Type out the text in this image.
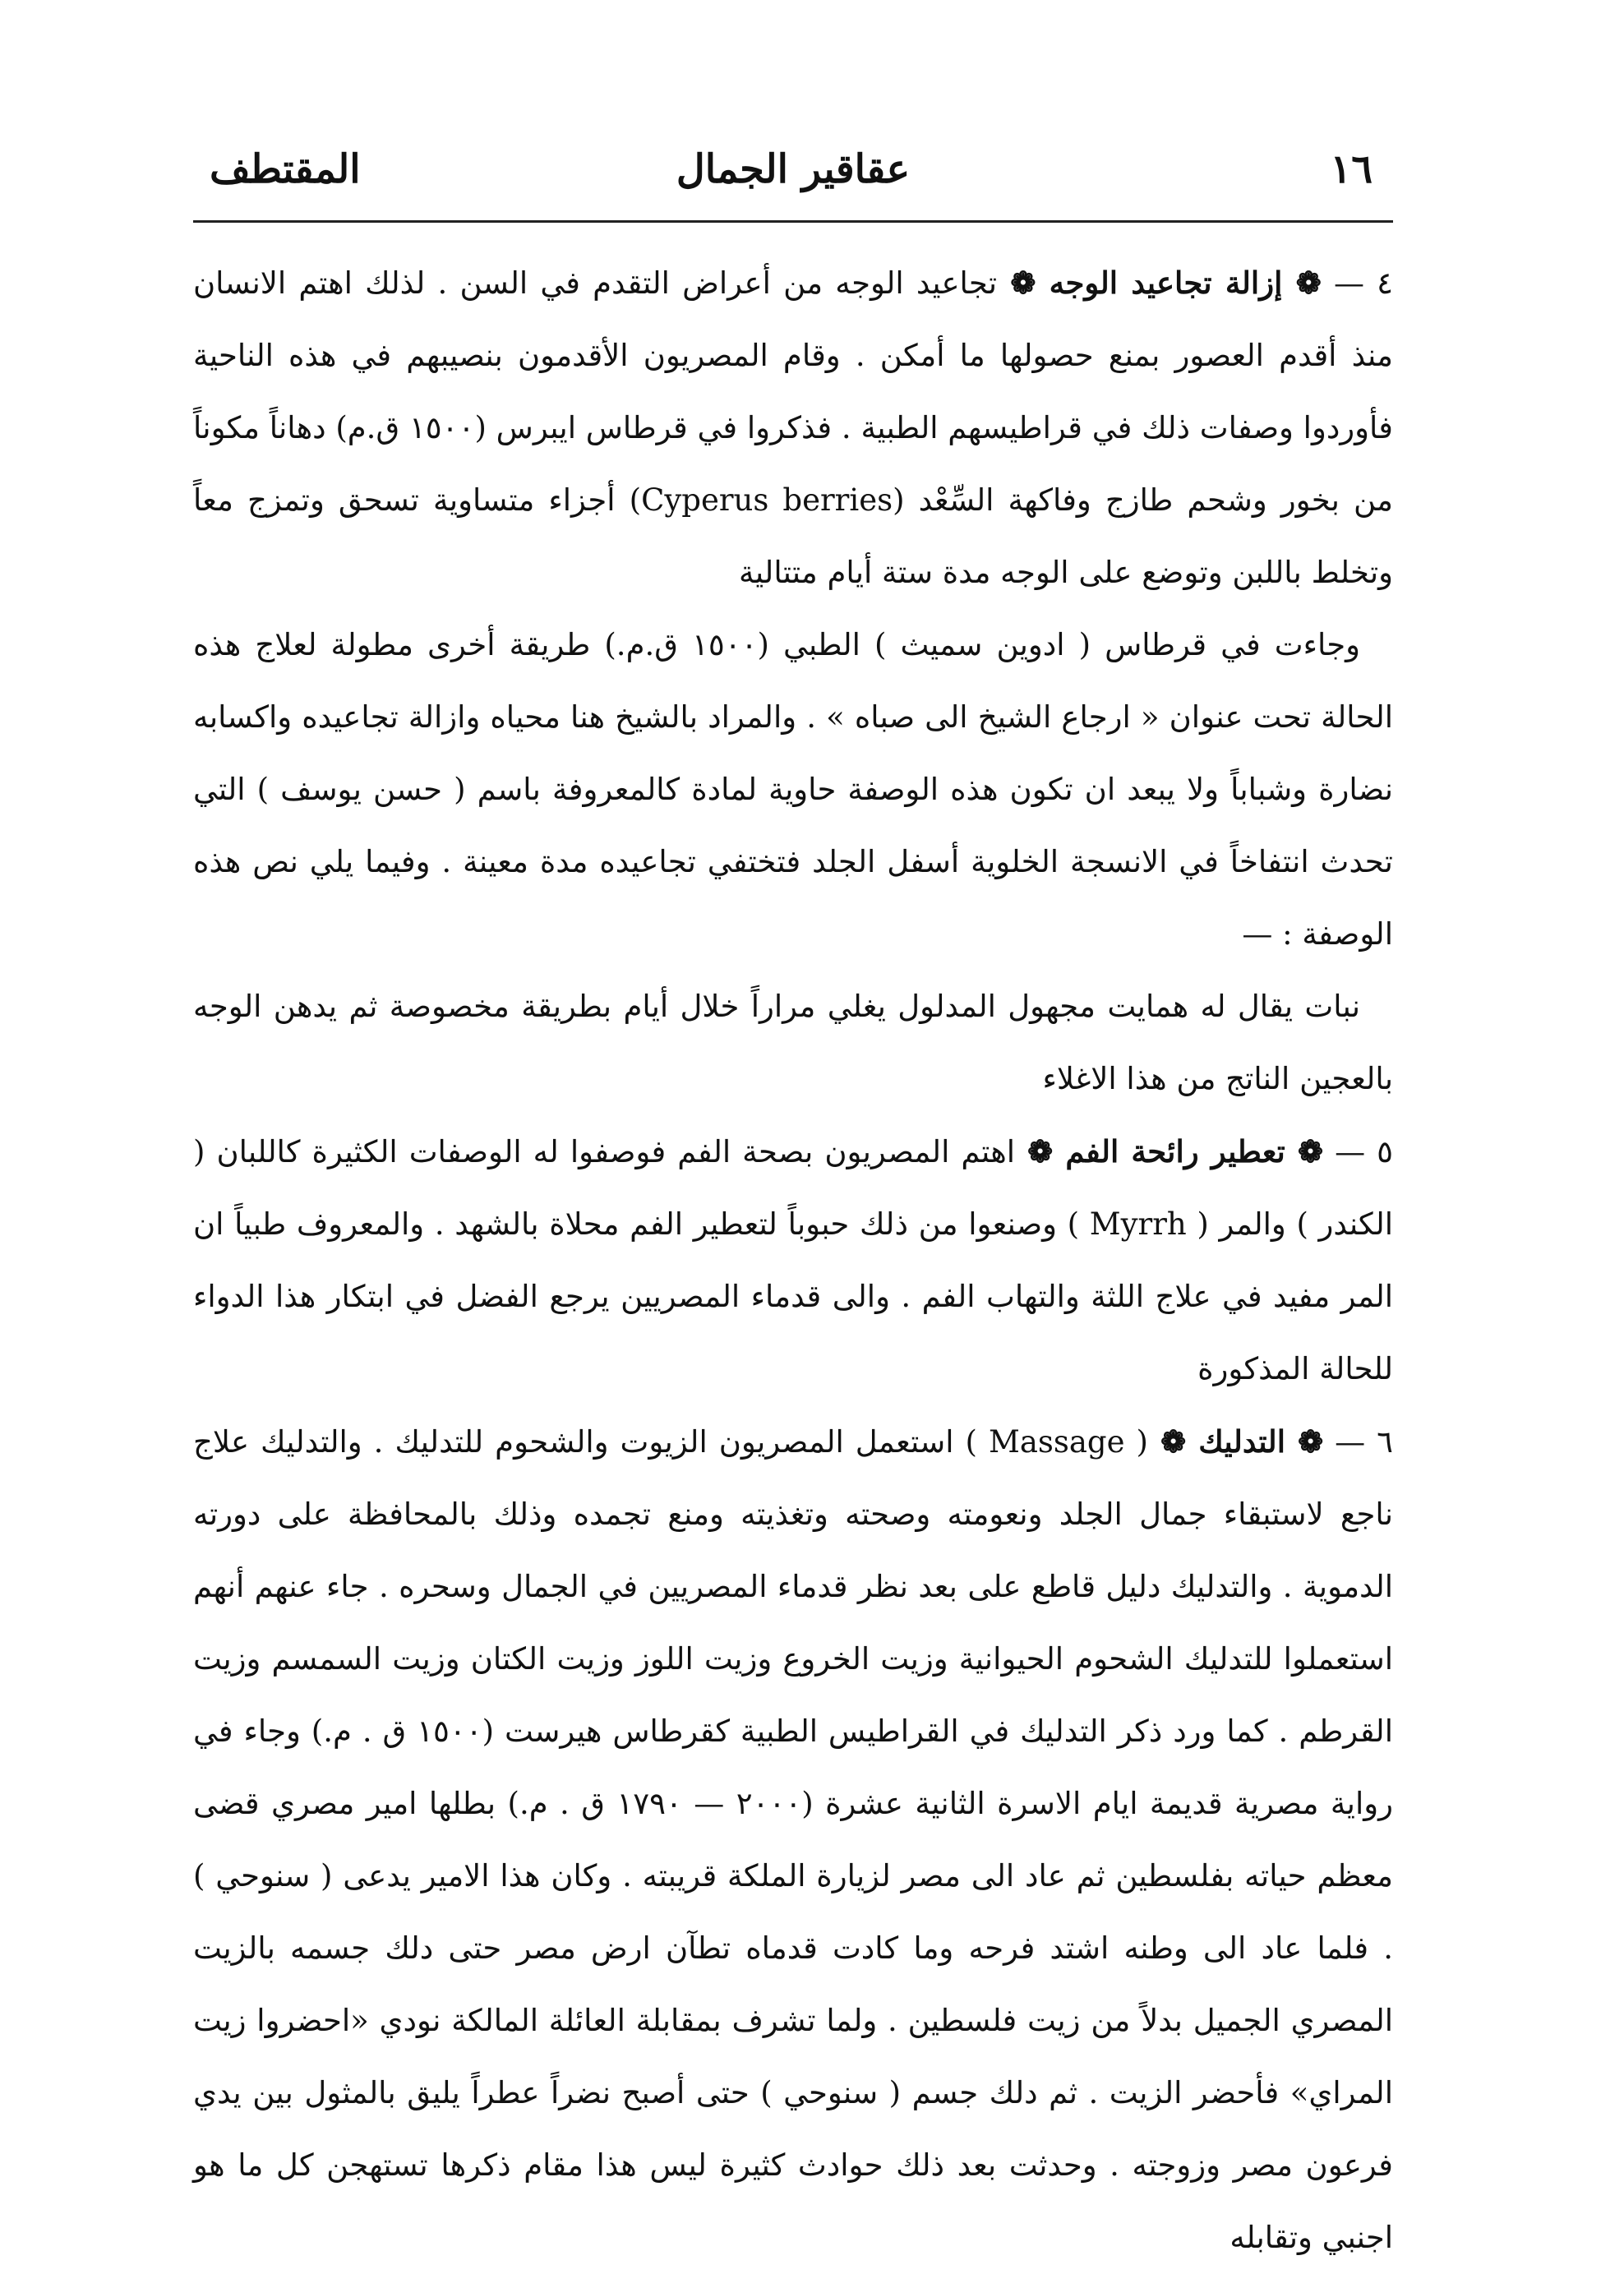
١٦
عقاقير الجمال
المقتطف

٤ — ❁ إزالة تجاعيد الوجه ❁ تجاعيد الوجه من أعراض التقدم في السن . لذلك اهتم الانسان منذ أقدم العصور بمنع حصولها ما أمكن . وقام المصريون الأقدمون بنصيبهم في هذه الناحية فأوردوا وصفات ذلك في قراطيسهم الطبية . فذكروا في قرطاس ايبرس (١٥٠٠ ق.م) دهاناً مكوناً من بخور وشحم طازج وفاكهة السِّعْد (Cyperus berries) أجزاء متساوية تسحق وتمزج معاً وتخلط باللبن وتوضع على الوجه مدة ستة أيام متتالية

وجاءت في قرطاس ( ادوين سميث ) الطبي (١٥٠٠ ق.م.) طريقة أخرى مطولة لعلاج هذه الحالة تحت عنوان « ارجاع الشيخ الى صباه » . والمراد بالشيخ هنا محياه وازالة تجاعيده واكسابه نضارة وشباباً ولا يبعد ان تكون هذه الوصفة حاوية لمادة كالمعروفة باسم ( حسن يوسف ) التي تحدث انتفاخاً في الانسجة الخلوية أسفل الجلد فتختفي تجاعيده مدة معينة . وفيما يلي نص هذه الوصفة : —

نبات يقال له همايت مجهول المدلول يغلي مراراً خلال أيام بطريقة مخصوصة ثم يدهن الوجه بالعجين الناتج من هذا الاغلاء

٥ — ❁ تعطير رائحة الفم ❁ اهتم المصريون بصحة الفم فوصفوا له الوصفات الكثيرة كاللبان ( الكندر ) والمر ( Myrrh ) وصنعوا من ذلك حبوباً لتعطير الفم محلاة بالشهد . والمعروف طبياً ان المر مفيد في علاج اللثة والتهاب الفم . والى قدماء المصريين يرجع الفضل في ابتكار هذا الدواء للحالة المذكورة

٦ — ❁ التدليك ❁ ( Massage ) استعمل المصريون الزيوت والشحوم للتدليك . والتدليك علاج ناجع لاستبقاء جمال الجلد ونعومته وصحته وتغذيته ومنع تجمده وذلك بالمحافظة على دورته الدموية . والتدليك دليل قاطع على بعد نظر قدماء المصريين في الجمال وسحره . جاء عنهم أنهم استعملوا للتدليك الشحوم الحيوانية وزيت الخروع وزيت اللوز وزيت الكتان وزيت السمسم وزيت القرطم . كما ورد ذكر التدليك في القراطيس الطبية كقرطاس هيرست (١٥٠٠ ق . م.) وجاء في رواية مصرية قديمة ايام الاسرة الثانية عشرة (٢٠٠٠ — ١٧٩٠ ق . م.) بطلها امير مصري قضى معظم حياته بفلسطين ثم عاد الى مصر لزيارة الملكة قريبته . وكان هذا الامير يدعى ( سنوحي ) . فلما عاد الى وطنه اشتد فرحه وما كادت قدماه تطآن ارض مصر حتى دلك جسمه بالزيت المصري الجميل بدلاً من زيت فلسطين . ولما تشرف بمقابلة العائلة المالكة نودي «احضروا زيت المراي» فأحضر الزيت . ثم دلك جسم ( سنوحي ) حتى أصبح نضراً عطراً يليق بالمثول بين يدي فرعون مصر وزوجته . وحدثت بعد ذلك حوادث كثيرة ليس هذا مقام ذكرها تستهجن كل ما هو اجنبي وتقابله
